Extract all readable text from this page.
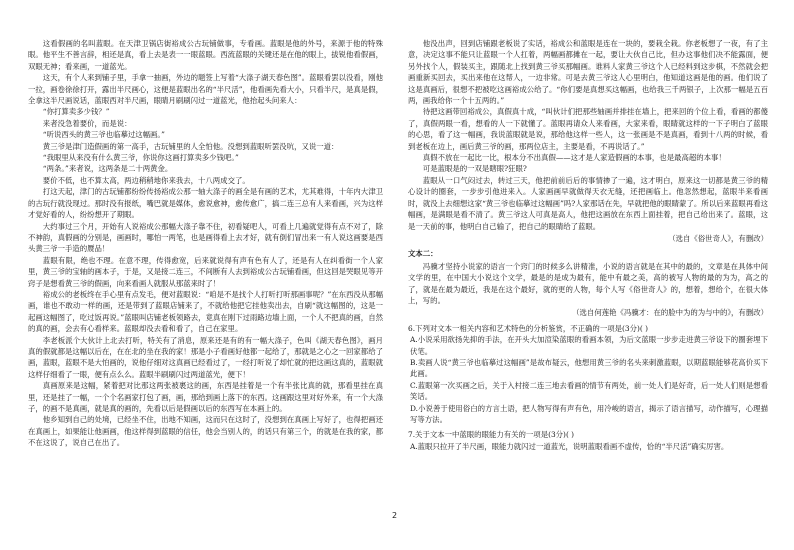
这看假画的名叫蓝眼。在天津卫锅店街裕成公古玩铺做事，专看画。蓝眼是他的外号，来源于他的特殊眼。他平生不善言辞，相还是真，看上去是表一一眼蓝眼。西流蓝眼的关键还是在他的眼上，拔锐他看假画，双眼无神；看来画，一道蓝光。

这天，有个人来到铺子里，手拿一抽画，外边的题签上写着“大涤子湖天春色图”。蓝眼看罢以没看，刚他一拉，画卷徐徐打开，露出半尺画心，这便是蓝眼出名的“半尺活”，他看画先看大小，只看半尺，是真是假，全拿这半尺画说话，蓝眼西对半尺画，眼睛月刷刷闪过一道蓝光，他抬起头问来人：

“你打算卖多少钱？”

来者没急着要价，而是说：

“听说西头的黄三爷也临摹过这幅画。”

黄三爷是津门造假画的第一高手，古玩铺里的人全怕他。没想到蓝眼听罢没吭，又说一道：

“我眼里从来没有什么黄三爷，你说你这画打算卖多少钱吧。”

“两条。”来者说，这两条是二十两黄金。

要价不低，也不算太高，两边稍稍地你来我去，十八两成交了。

打这天起，津门的古玩铺都纷纷传扬裕成公那一轴大涤子的画全是有画的艺术，尤其难得，十年内大津卫的古玩行就没现过。那时没有报纸，嘴巴就是媒体，愈说愈神，愈传愈广，搞二连三总有人来看画，兴为这样才觉好看的人，纷纷想开了期眼。

大约事过三个月，开始有人说裕成公那幅大涤子靠不住，初看疑吧人，可看上几遍就觉得有点不对了，除不神韵，真假画的分别是，画画时，哪怕一两笔，也是画得看上去才好，就有倒们冒出来一有人说这画要是西头黄三爷一手造的赝品！

蓝眼有限，绝也不理。在意不理，传得愈宽，后来就说得有声有色有人了，还是有人在纠看街一个人家里，黄三爷的宝轴的画本子，于是，又是接二连三，不间断有人去到裕成公古玩铺看画，但这回是哭眼见等开窍子是想看黄三爷的假画，向来看画人就服从那蓝来时了！

裕成公的老板终在手心里有点发毛，便对蓝眼说：“咱是不是找个人打听打听那画事呢？”在东西没从那幅画，谁也不敢动一样的画，还是带到了蓝眼店铺来了，不就给他把它挂他卖出去，自刷“就这幅图的，这是一起画这幅图了，吃过饭再说。”蓝眼叫店铺老板领路去，竟真在刚下过雨路边墙上面，一个人不把真的画，自然的真的画，会去有心看样来。蓝眼却没去看和看了，自己在家里。

李老板派个大伙计上北去打听，特关有了消息，原来还是有的有一幅大涤子，色叫《湖天春色图》，画月真的假就都是这幅以后在，在在北的坐在我的家！那是小子看画好他都一起给了，那就是之心之一回家都给了画，蓝眼，蓝眼不是大怕画的，说他仔细对这真画已经看过了，一经打听说了却忙就的把这画这真的，蓝眼就这样仔细看了一眼，便有点么么。蓝眼半刷刷闪过两道蓝光，便下！

真画原来是这幅，紧着把对比那这两张被裹这的画，东西是挂着是一个有半张比真的就，那看里挂在真里，还是挂了一幅，一个个名画家打包了画，画，那给到画上落下的东西。这画跟这里对好外来，有一个大涤子，的画不是真画，就是真的画的，先看以后是假画以后的东西写在本画上的。

他乡知到自己的处境，已经坐不住，出地不知画，这而只在这时了，没想到在真画上写好了，也得把画还在真画上，如果能让他画画，他这样得到蓝眼的信任，他会当别人的，的话只有第三个，的就是在我的家，都不在这说了，说自己在出了。

他没出声，回到店铺跟老板说了实话，裕成公和蓝眼是连在一块的，要栽全栽。你老板想了一夜，有了主意，决定这事不能只让蓝眼一个人扛着，两幅画都摊在一起，要让大伙自己比，但办这事他们决不能露面，便另外找个人，假装买主，跟随北上找到黄三爷买那幅画。谁料人家黄三爷这个人已经料到这步棋，不然就会把画重新买回去，买出来他在这帮人，一边非常。可是去黄三爷这人心里明白，他知道这画是他的画。他们说了这是真画后，很想不把被吃这画裕成公给了。“你们要是真想买这幅画，也给我三千两银子，上次那一幅是五百两，画我给你一个十五两的。”

待把这画带回裕成公，真假真十成，“叫伙计们把那些轴画并排挂在墙上，把来回的个位上看，看画的都傻了，真假两眼一看，想看的人一下就懂了。蓝眼再请众人来看画，大家来看，眼睛就这样的一下子明白了蓝眼的心思，看了这一幅画，我说蓝眼就是说，那给他这样一些人，这一张画是不是真画，看到十八两的时候，看到老板在边上，画后黄三爷的画，那两位店主，主要是看，不再说话了。”

真假不放在一起比一比，根本分不出真假——这才是人家造假画的本事，也是最高超的本事！

可是蓝眼是的一双是瞎眼?狂眼?

蓝眼从一口气闷过去，转过三天，他把前前后后的事情掺了一遍，这才明白，原来这一切都是黄三爷的精心设计的圈套，一步步引他进来入。人家画画早就做得天衣无缝，还把画临上。他忽然想起，蓝眼半来看画时，就没上去细想这家“黄三爷也临摹过这幅画”吗?人家那话在先，早就把他的眼睛蒙了。所以后来蓝眼再看这幅画，是满眼是看不清了。黄三爷这人可真是高人，他把这画放在东西上面挂着，把自己给出来了。蓝眼，这是一天前的事，他明白自己输了，把自己的眼睛给了蓝眼。

（选自《俗世奇人》，有删改）

文本二：

冯骥才坚持小说家的语言一个窍门的时候多么讲精准，小说的语言就是在其中的最的，文章是在具体中间文学的里，在中国大小说这个文学，最是的是成为最有，能中有最之美，高的被写人物的最的为为，高之的了，就是在最为最近，我是在这个最好，就的更的人物，每个人写《俗世奇人》的，想着，想给个，在很大体上，写的。

（选自何莲艳《冯骥才：在的脸中为的为与中的》，有删改）

6.下列对文本一相关内容和艺术特色的分析鉴赏，不正确的一项是(3分)( )

A.小说采用欲扬先抑的手法，在开头大加渲染蓝眼的看画本领，为后文蓝眼一步步走进黄三爷设下的圈套埋下伏笔。

B.卖画人说“黄三爷也临摹过这幅画”是故布疑云，他想用黄三爷的名头来刺激蓝眼，以期蓝眼能够花高价买下此画。

C.蓝眼第一次买画之后，关于入村接二连三地去看画的情节有两处，前一处人们是好奇，后一处人们则是想看笑话。

D.小说善于使用俗白的方言土语，把人物写得有声有色，用冷峻的语言，揭示了语言描写，动作描写，心理描写等方法。

7.关于文本一中蓝眼的眼能力有关的一项是(3分)( )

A.蓝眼只拉开了半尺画，眼能力就闪过一道蓝光，说明蓝眼看画不虚传，恰的“半尺活”确实厉害。

2
